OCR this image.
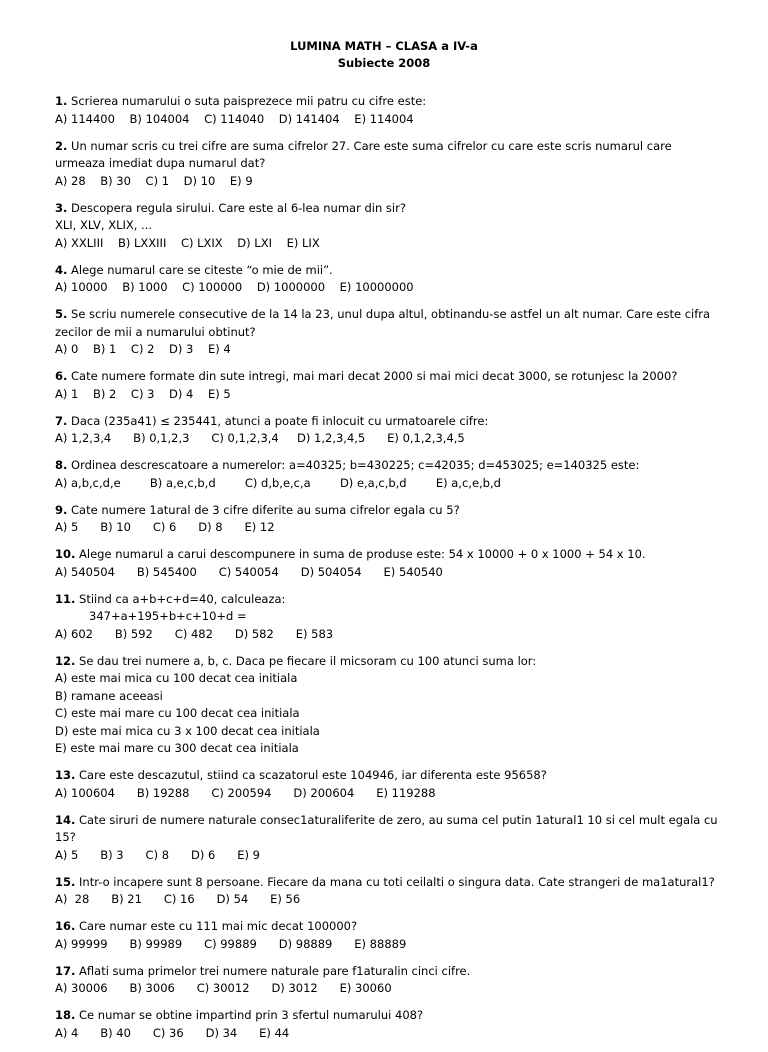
LUMINA MATH – CLASA a IV-a
Subiecte 2008
1. Scrierea numarului o suta paisprezece mii patru cu cifre este:
A) 114400    B) 104004    C) 114040    D) 141404    E) 114004
2. Un numar scris cu trei cifre are suma cifrelor 27. Care este suma cifrelor cu care este scris numarul care urmeaza imediat dupa numarul dat?
A) 28    B) 30    C) 1    D) 10    E) 9
3. Descopera regula sirului. Care este al 6-lea numar din sir?
XLI, XLV, XLIX, ...
A) XXLIII    B) LXXIII    C) LXIX    D) LXI    E) LIX
4. Alege numarul care se citeste “o mie de mii”.
A) 10000    B) 1000    C) 100000    D) 1000000    E) 10000000
5. Se scriu numerele consecutive de la 14 la 23, unul dupa altul, obtinandu-se astfel un alt numar. Care este cifra zecilor de mii a numarului obtinut?
A) 0    B) 1    C) 2    D) 3    E) 4
6. Cate numere formate din sute intregi, mai mari decat 2000 si mai mici decat 3000, se rotunjesc la 2000?
A) 1    B) 2    C) 3    D) 4    E) 5
7. Daca (235a41) ≤ 235441, atunci a poate fi inlocuit cu urmatoarele cifre:
A) 1,2,3,4      B) 0,1,2,3      C) 0,1,2,3,4     D) 1,2,3,4,5      E) 0,1,2,3,4,5
8. Ordinea descrescatoare a numerelor: a=40325; b=430225; c=42035; d=453025; e=140325 este:
A) a,b,c,d,e        B) a,e,c,b,d        C) d,b,e,c,a        D) e,a,c,b,d        E) a,c,e,b,d
9. Cate numere 1atural de 3 cifre diferite au suma cifrelor egala cu 5?
A) 5      B) 10      C) 6      D) 8      E) 12
10. Alege numarul a carui descompunere in suma de produse este: 54 x 10000 + 0 x 1000 + 54 x 10.
A) 540504      B) 545400      C) 540054      D) 504054      E) 540540
11. Stiind ca a+b+c+d=40, calculeaza:
347+a+195+b+c+10+d =
A) 602      B) 592      C) 482      D) 582      E) 583
12. Se dau trei numere a, b, c. Daca pe fiecare il micsoram cu 100 atunci suma lor:
A) este mai mica cu 100 decat cea initiala
B) ramane aceeasi
C) este mai mare cu 100 decat cea initiala
D) este mai mica cu 3 x 100 decat cea initiala
E) este mai mare cu 300 decat cea initiala
13. Care este descazutul, stiind ca scazatorul este 104946, iar diferenta este 95658?
A) 100604      B) 19288      C) 200594      D) 200604      E) 119288
14. Cate siruri de numere naturale consec1aturaliferite de zero, au suma cel putin 1atural1 10 si cel mult egala cu 15?
A) 5      B) 3      C) 8      D) 6      E) 9
15. Intr-o incapere sunt 8 persoane. Fiecare da mana cu toti ceilalti o singura data. Cate strangeri de ma1atural1?
A)  28      B) 21      C) 16      D) 54      E) 56
16. Care numar este cu 111 mai mic decat 100000?
A) 99999      B) 99989      C) 99889      D) 98889      E) 88889
17. Aflati suma primelor trei numere naturale pare f1aturalin cinci cifre.
A) 30006      B) 3006      C) 30012      D) 3012      E) 30060
18. Ce numar se obtine impartind prin 3 sfertul numarului 408?
A) 4      B) 40      C) 36      D) 34      E) 44
